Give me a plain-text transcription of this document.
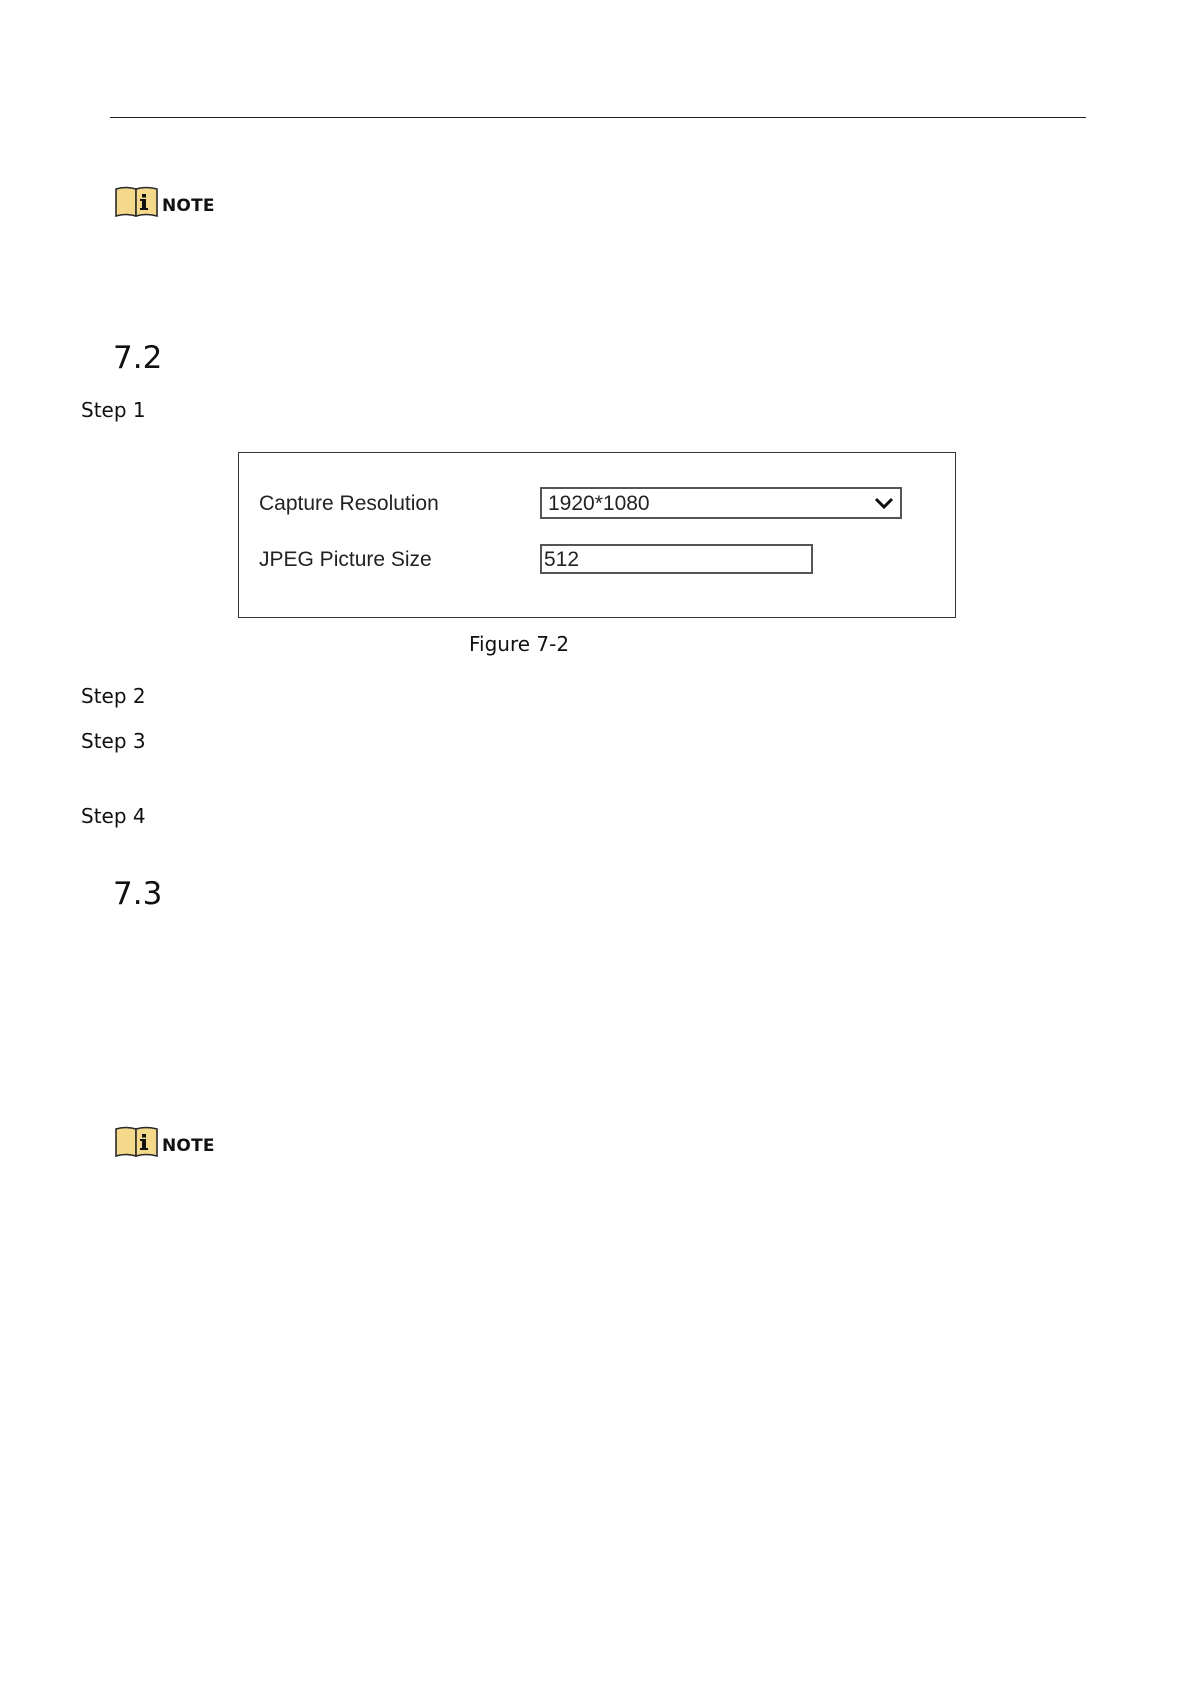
NOTE
7.2
Step 1
Capture Resolution	1920*1080
JPEG Picture Size	512
Figure 7-2
Step 2
Step 3
Step 4
7.3
NOTE
